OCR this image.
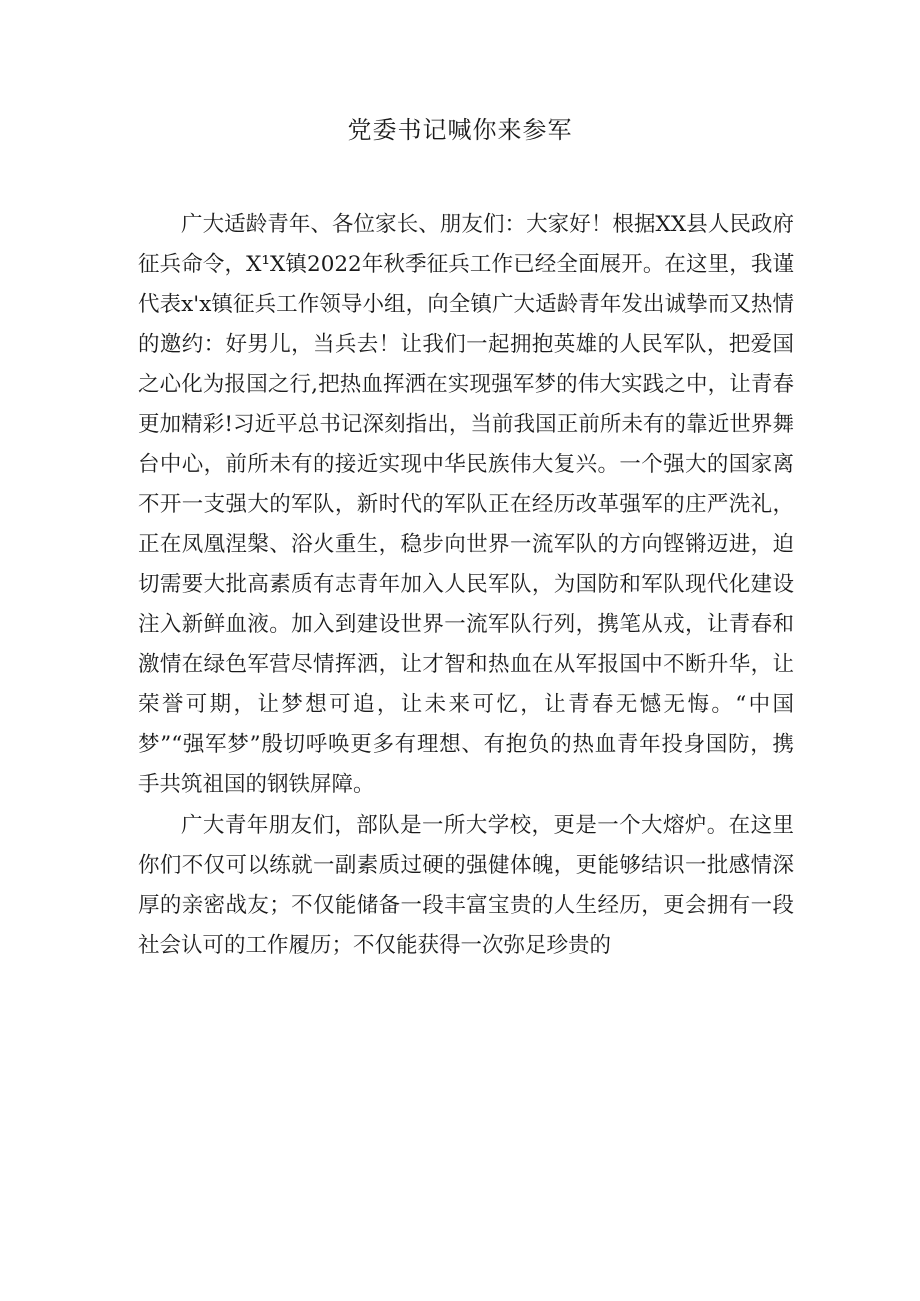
党委书记喊你来参军

广大适龄青年、各位家长、朋友们：大家好！根据XX县人民政府征兵命令，X¹X镇2022年秋季征兵工作已经全面展开。在这里，我谨代表x'x镇征兵工作领导小组，向全镇广大适龄青年发出诚挚而又热情的邀约：好男儿，当兵去！让我们一起拥抱英雄的人民军队，把爱国之心化为报国之行,把热血挥洒在实现强军梦的伟大实践之中，让青春更加精彩!习近平总书记深刻指出，当前我国正前所未有的靠近世界舞台中心，前所未有的接近实现中华民族伟大复兴。一个强大的国家离不开一支强大的军队，新时代的军队正在经历改革强军的庄严洗礼，正在凤凰涅槃、浴火重生，稳步向世界一流军队的方向铿锵迈进，迫切需要大批高素质有志青年加入人民军队，为国防和军队现代化建设注入新鲜血液。加入到建设世界一流军队行列，携笔从戎，让青春和激情在绿色军营尽情挥洒，让才智和热血在从军报国中不断升华，让荣誉可期，让梦想可追，让未来可忆，让青春无憾无悔。“中国梦”“强军梦”殷切呼唤更多有理想、有抱负的热血青年投身国防，携手共筑祖国的钢铁屏障。

广大青年朋友们，部队是一所大学校，更是一个大熔炉。在这里你们不仅可以练就一副素质过硬的强健体魄，更能够结识一批感情深厚的亲密战友；不仅能储备一段丰富宝贵的人生经历，更会拥有一段社会认可的工作履历；不仅能获得一次弥足珍贵的
